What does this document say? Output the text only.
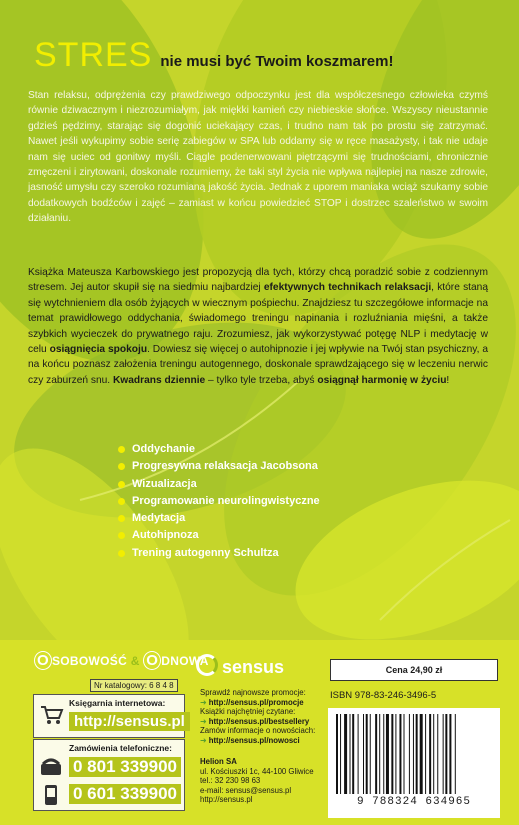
STRES nie musi być Twoim koszmarem!
Stan relaksu, odprężenia czy prawdziwego odpoczynku jest dla współczesnego człowieka czymś równie dziwacznym i niezrozumiałym, jak miękki kamień czy niebieskie słońce. Wszyscy nieustannie gdzieś pędzimy, starając się dogonić uciekający czas, i trudno nam tak po prostu się zatrzymać. Nawet jeśli wykupimy sobie serię zabiegów w SPA lub oddamy się w ręce masażysty, i tak nie udaje nam się uciec od gonitwy myśli. Ciągle podenerwowani piętrzącymi się trudnościami, chronicznie zmęczeni i zirytowani, doskonale rozumiemy, że taki styl życia nie wpływa najlepiej na nasze zdrowie, jasność umysłu czy szeroko rozumianą jakość życia. Jednak z uporem maniaka wciąż szukamy sobie dodatkowych bodźców i zajęć – zamiast w końcu powiedzieć STOP i dostrzec szaleństwo w swoim działaniu.
Książka Mateusza Karbowskiego jest propozycją dla tych, którzy chcą poradzić sobie z codziennym stresem. Jej autor skupił się na siedmiu najbardziej efektywnych technikach relaksacji, które staną się wytchnieniem dla osób żyjących w wiecznym pośpiechu. Znajdziesz tu szczegółowe informacje na temat prawidłowego oddychania, świadomego treningu napinania i rozluźniania mięśni, a także szybkich wycieczek do prywatnego raju. Zrozumiesz, jak wykorzystywać potęgę NLP i medytację w celu osiągnięcia spokoju. Dowiesz się więcej o autohipnozie i jej wpływie na Twój stan psychiczny, a na końcu poznasz założenia treningu autogennego, doskonale sprawdzającego się w leczeniu nerwic czy zaburzeń snu. Kwadrans dziennie – tylko tyle trzeba, abyś osiągnął harmonię w życiu!
Oddychanie
Progresywna relaksacja Jacobsona
Wizualizacja
Programowanie neurolingwistyczne
Medytacja
Autohipnoza
Trening autogenny Schultza
O SOBOWOŚĆ & O DNOWA
Nr katalogowy: 6 8 4 8
Księgarnia internetowa:
http://sensus.pl
Zamówienia telefoniczne:
0 801 339900
0 601 339900
sensus
Sprawdź najnowsze promocje:
➜ http://sensus.pl/promocje
Książki najchętniej czytane:
➜ http://sensus.pl/bestsellery
Zamów informacje o nowościach:
➜ http://sensus.pl/nowosci
Helion SA
ul. Kościuszki 1c, 44-100 Gliwice
tel.: 32 230 98 63
e-mail: sensus@sensus.pl
http://sensus.pl
Cena 24,90 zł
ISBN 978-83-246-3496-5
9 788324 634965
